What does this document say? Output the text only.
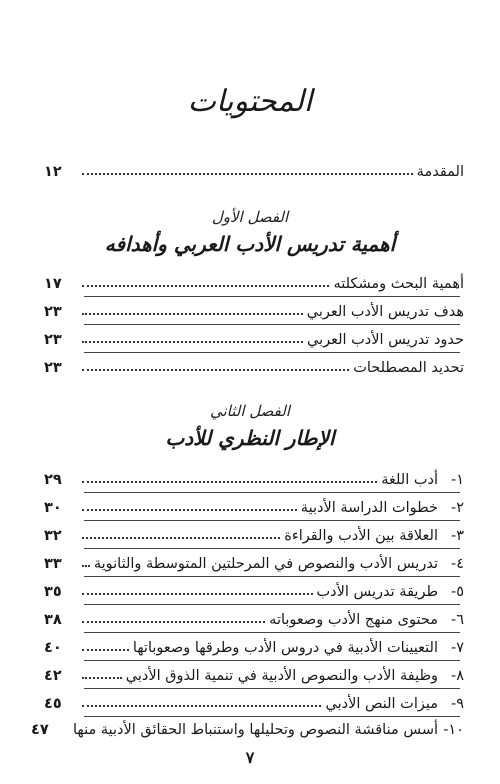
المحتويات
المقدمة
١٢
الفصل الأول
أهمية تدريس الأدب العربي وأهدافه
أهمية البحث ومشكلته
١٧
هدف تدريس الأدب العربي
٢٣
حدود تدريس الأدب العربي
٢٣
تحديد المصطلحات
٢٣
الفصل الثاني
الإطار النظري للأدب
١-
أدب اللغة
٢٩
٢-
خطوات الدراسة الأدبية
٣٠
٣-
العلاقة بين الأدب والقراءة
٣٢
٤-
تدريس الأدب والنصوص في المرحلتين المتوسطة والثانوية
٣٣
٥-
طريقة تدريس الأدب
٣٥
٦-
محتوى منهج الأدب وصعوباته
٣٨
٧-
التعيينات الأدبية في دروس الأدب وطرقها وصعوباتها
٤٠
٨-
وظيفة الأدب والنصوص الأدبية في تنمية الذوق الأدبي
٤٢
٩-
ميزات النص الأدبي
٤٥
١٠-
أسس مناقشة النصوص وتحليلها واستنباط الحقائق الأدبية منها
٤٧
٧
